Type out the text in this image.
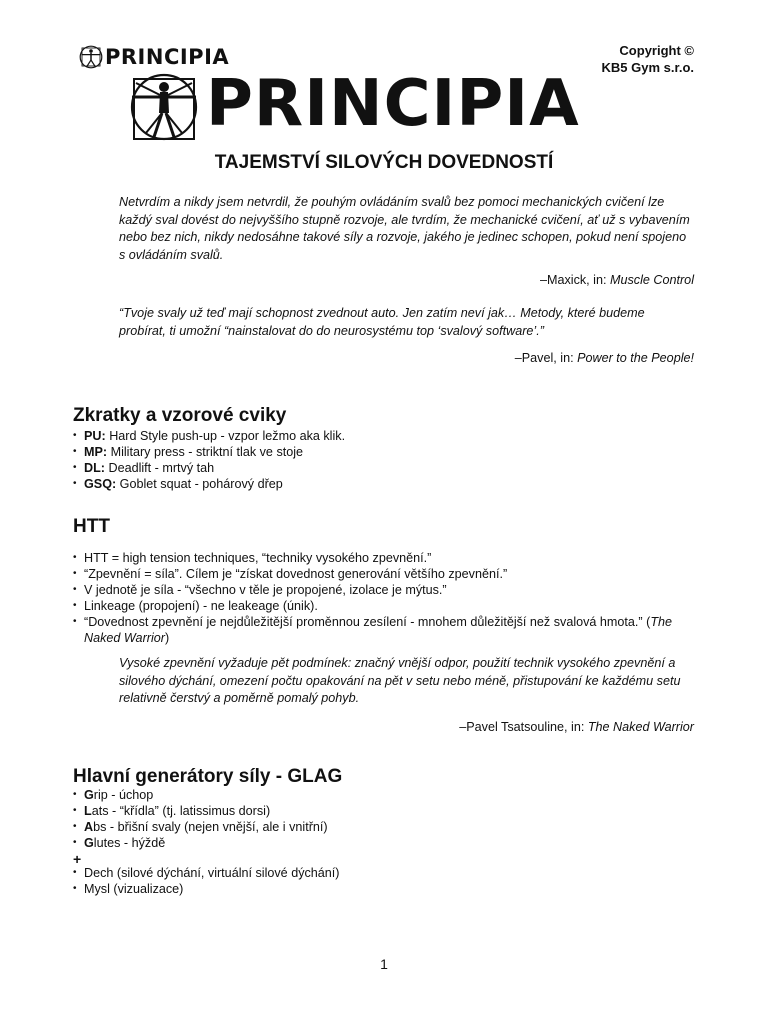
PRINCIPIA	Copyright ©
KB5 Gym s.r.o.
PRINCIPIA
TAJEMSTVÍ SILOVÝCH DOVEDNOSTÍ
Netvrdím a nikdy jsem netvrdil, že pouhým ovládáním svalů bez pomoci mechanických cvičení lze každý sval dovést do nejvyššího stupně rozvoje, ale tvrdím, že mechanické cvičení, ať už s vybavením nebo bez nich, nikdy nedosáhne takové síly a rozvoje, jakého je jedinec schopen, pokud není spojeno s ovládáním svalů.
–Maxick, in: Muscle Control
“Tvoje svaly už teď mají schopnost zvednout auto. Jen zatím neví jak… Metody, které budeme probírat, ti umožní “nainstalovat do do neurosystému top ‘svalový software’.”
–Pavel, in: Power to the People!
Zkratky a vzorové cviky
• PU: Hard Style push-up - vzpor ležmo aka klik.
• MP: Military press - striktní tlak ve stoje
• DL: Deadlift - mrtvý tah
• GSQ: Goblet squat - pohárový dřep
HTT
• HTT = high tension techniques, “techniky vysokého zpevnění.”
• “Zpevnění = síla”. Cílem je “získat dovednost generování většího zpevnění.”
• V jednotě je síla - “všechno v těle je propojené, izolace je mýtus.”
• Linkeage (propojení) - ne leakeage (únik).
• “Dovednost zpevnění je nejdůležitější proměnnou zesílení - mnohem důležitější než svalová hmota.” (The Naked Warrior)
Vysoké zpevnění vyžaduje pět podmínek: značný vnější odpor, použití technik vysokého zpevnění a silového dýchání, omezení počtu opakování na pět v setu nebo méně, přistupování ke každému setu relativně čerstvý a poměrně pomalý pohyb.
–Pavel Tsatsouline, in: The Naked Warrior
Hlavní generátory síly - GLAG
• Grip - úchop
• Lats - “křídla” (tj. latissimus dorsi)
• Abs - břišní svaly (nejen vnější, ale i vnitřní)
• Glutes - hýždě
+
• Dech (silové dýchání, virtuální silové dýchání)
• Mysl (vizualizace)
1
